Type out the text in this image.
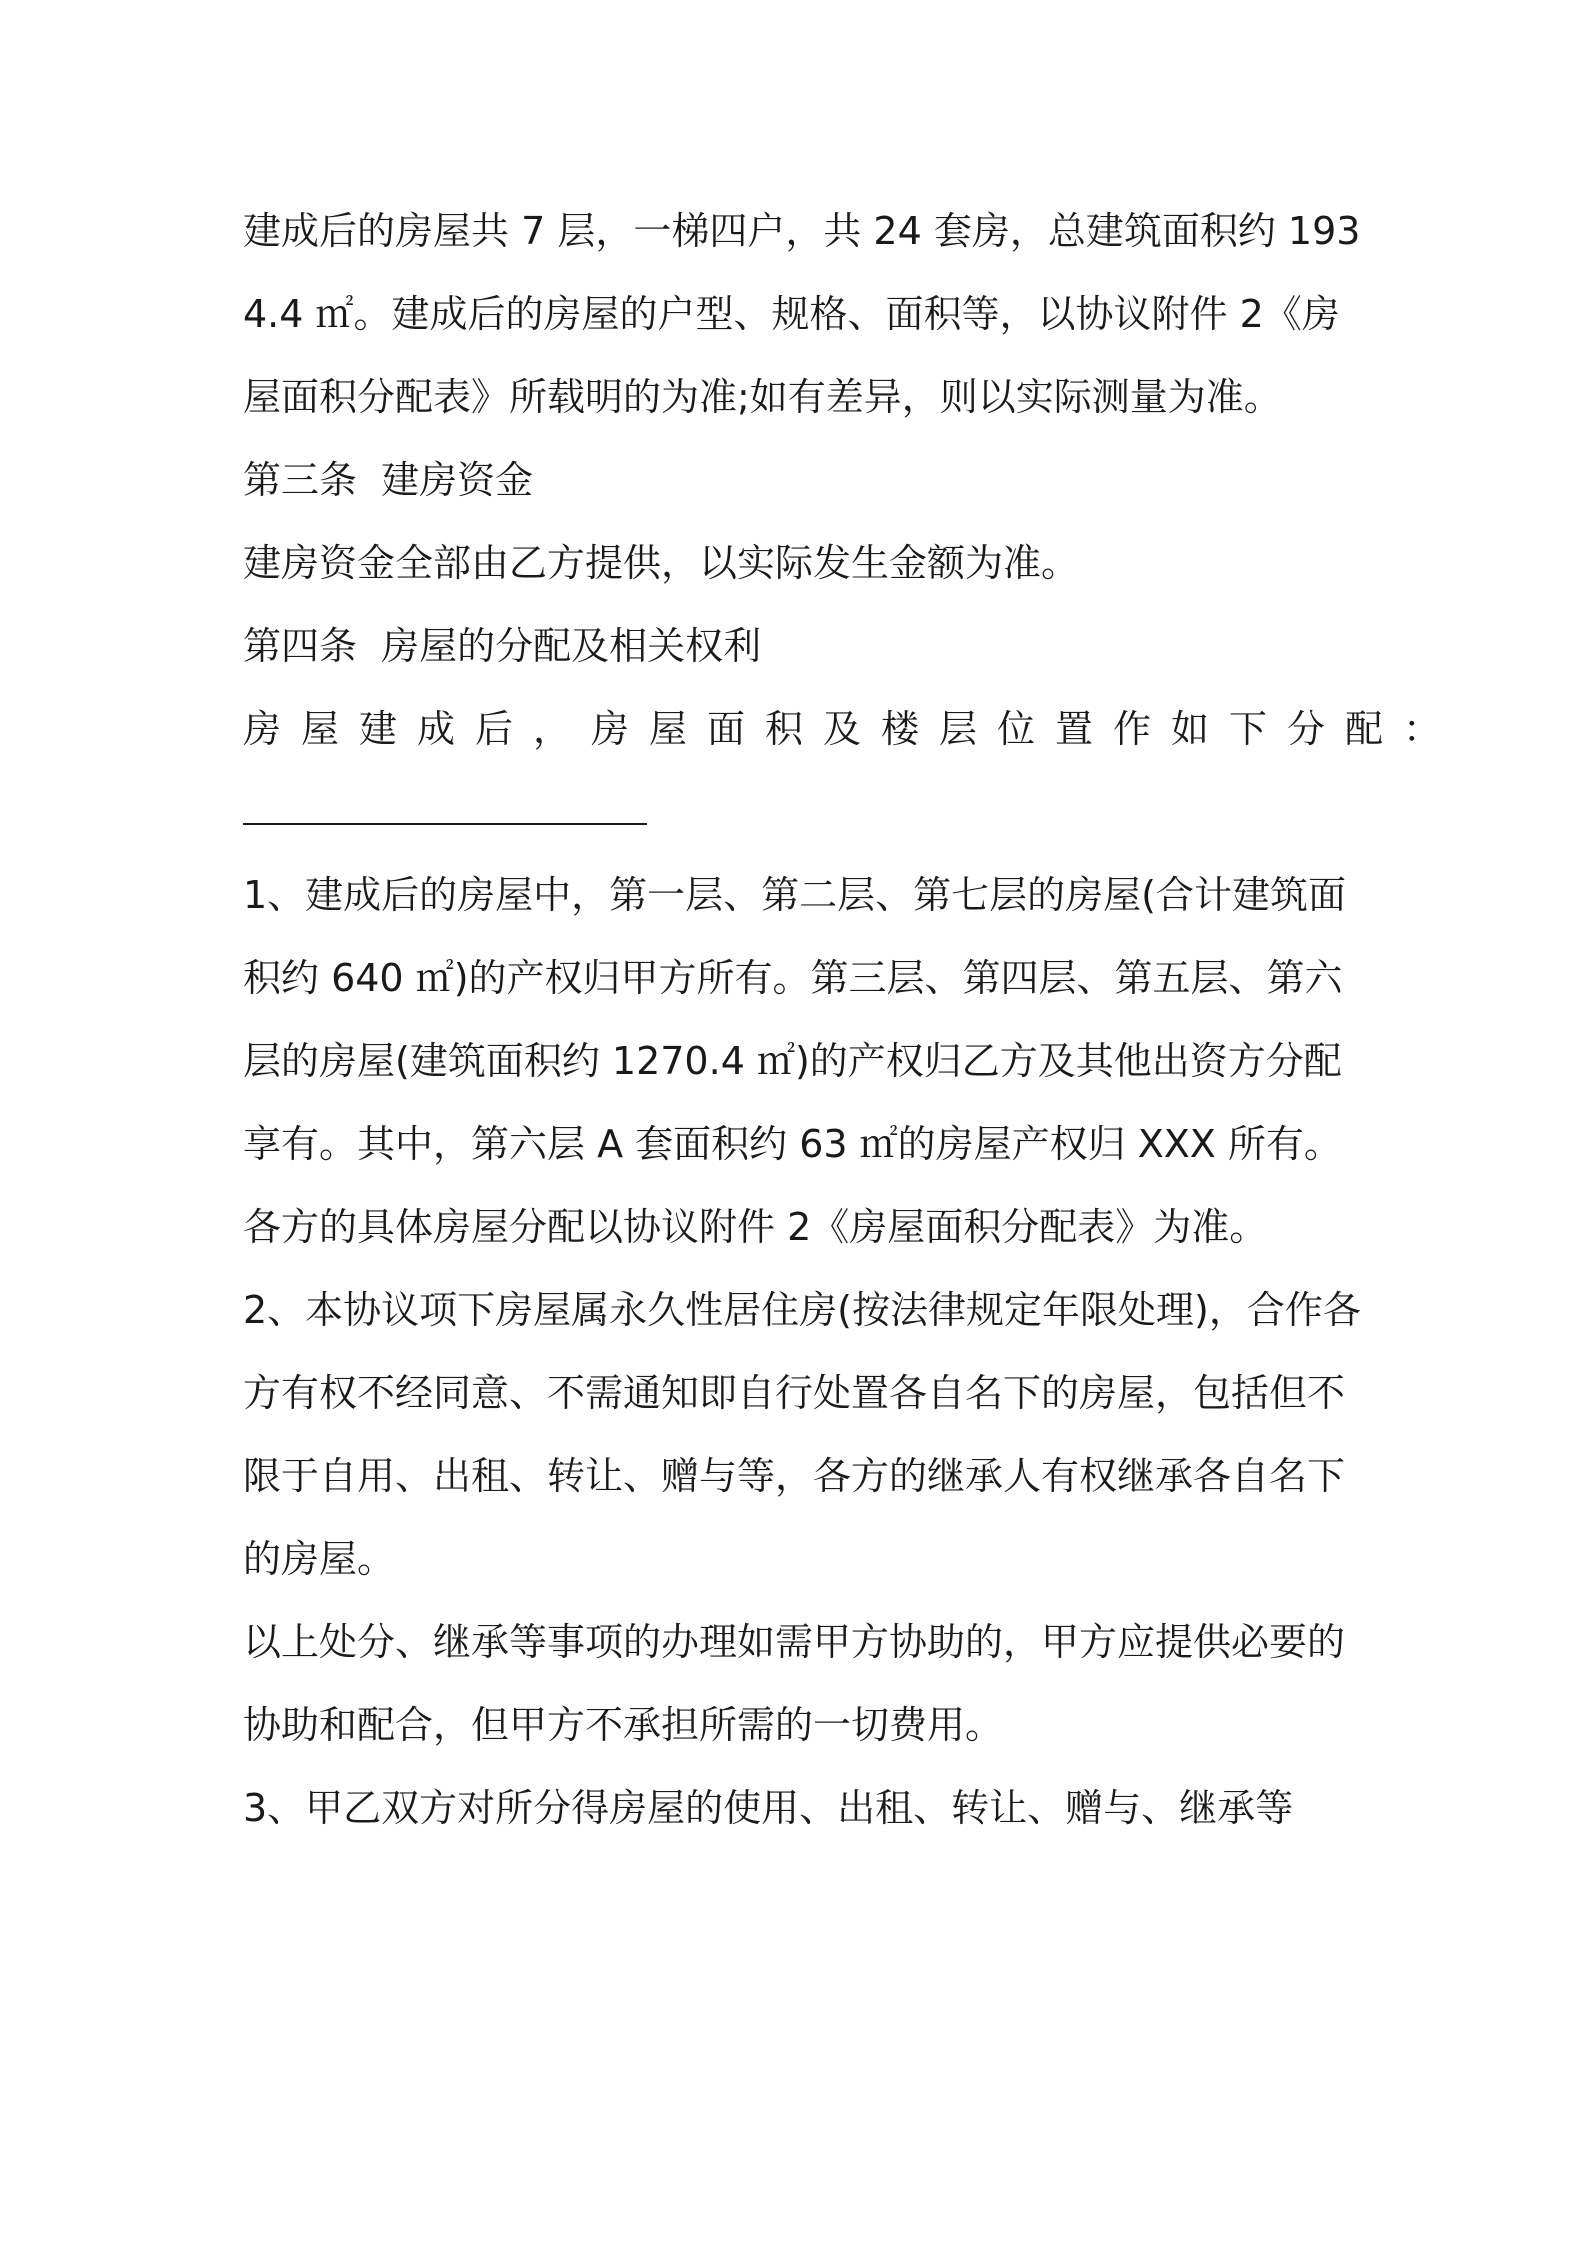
建成后的房屋共 7 层，一梯四户，共 24 套房，总建筑面积约 1934.4 ㎡。建成后的房屋的户型、规格、面积等，以协议附件 2《房屋面积分配表》所载明的为准;如有差异，则以实际测量为准。

第三条  建房资金

建房资金全部由乙方提供，以实际发生金额为准。

第四条  房屋的分配及相关权利

房屋建成后，房屋面积及楼层位置作如下分配：

1、建成后的房屋中，第一层、第二层、第七层的房屋(合计建筑面积约 640 ㎡)的产权归甲方所有。第三层、第四层、第五层、第六层的房屋(建筑面积约 1270.4 ㎡)的产权归乙方及其他出资方分配享有。其中，第六层 A 套面积约 63 ㎡的房屋产权归 XXX 所有。

各方的具体房屋分配以协议附件 2《房屋面积分配表》为准。

2、本协议项下房屋属永久性居住房(按法律规定年限处理)，合作各方有权不经同意、不需通知即自行处置各自名下的房屋，包括但不限于自用、出租、转让、赠与等，各方的继承人有权继承各自名下的房屋。

以上处分、继承等事项的办理如需甲方协助的，甲方应提供必要的协助和配合，但甲方不承担所需的一切费用。

3、甲乙双方对所分得房屋的使用、出租、转让、赠与、继承等
